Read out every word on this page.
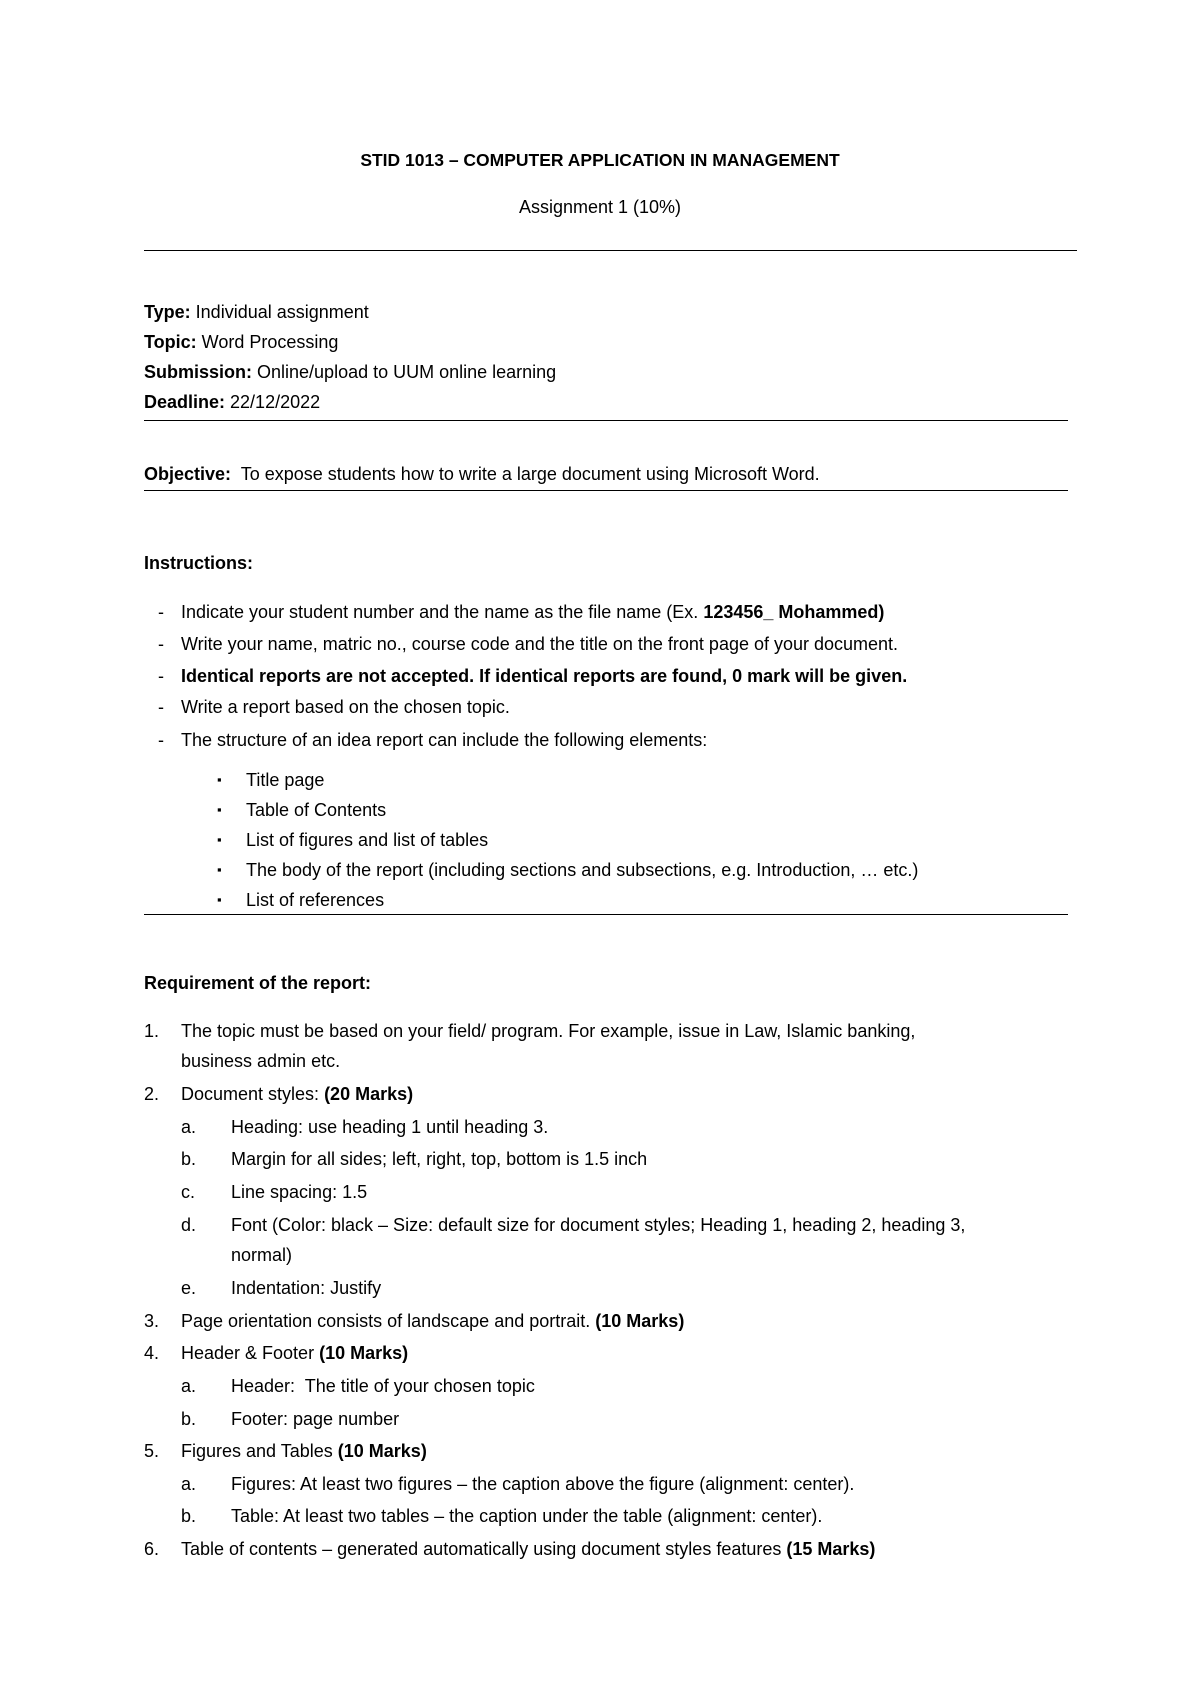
STID 1013 – COMPUTER APPLICATION IN MANAGEMENT
Assignment 1 (10%)
Type: Individual assignment
Topic: Word Processing
Submission: Online/upload to UUM online learning
Deadline: 22/12/2022
Objective:  To expose students how to write a large document using Microsoft Word.
Instructions:
- Indicate your student number and the name as the file name (Ex. 123456_ Mohammed)
- Write your name, matric no., course code and the title on the front page of your document.
- Identical reports are not accepted. If identical reports are found, 0 mark will be given.
- Write a report based on the chosen topic.
- The structure of an idea report can include the following elements:
▪ Title page
▪ Table of Contents
▪ List of figures and list of tables
▪ The body of the report (including sections and subsections, e.g. Introduction, … etc.)
▪ List of references
Requirement of the report:
1. The topic must be based on your field/ program. For example, issue in Law, Islamic banking,
business admin etc.
2. Document styles: (20 Marks)
a. Heading: use heading 1 until heading 3.
b. Margin for all sides; left, right, top, bottom is 1.5 inch
c. Line spacing: 1.5
d. Font (Color: black – Size: default size for document styles; Heading 1, heading 2, heading 3,
normal)
e. Indentation: Justify
3. Page orientation consists of landscape and portrait. (10 Marks)
4. Header & Footer (10 Marks)
a. Header:  The title of your chosen topic
b. Footer: page number
5. Figures and Tables (10 Marks)
a. Figures: At least two figures – the caption above the figure (alignment: center).
b. Table: At least two tables – the caption under the table (alignment: center).
6. Table of contents – generated automatically using document styles features (15 Marks)
